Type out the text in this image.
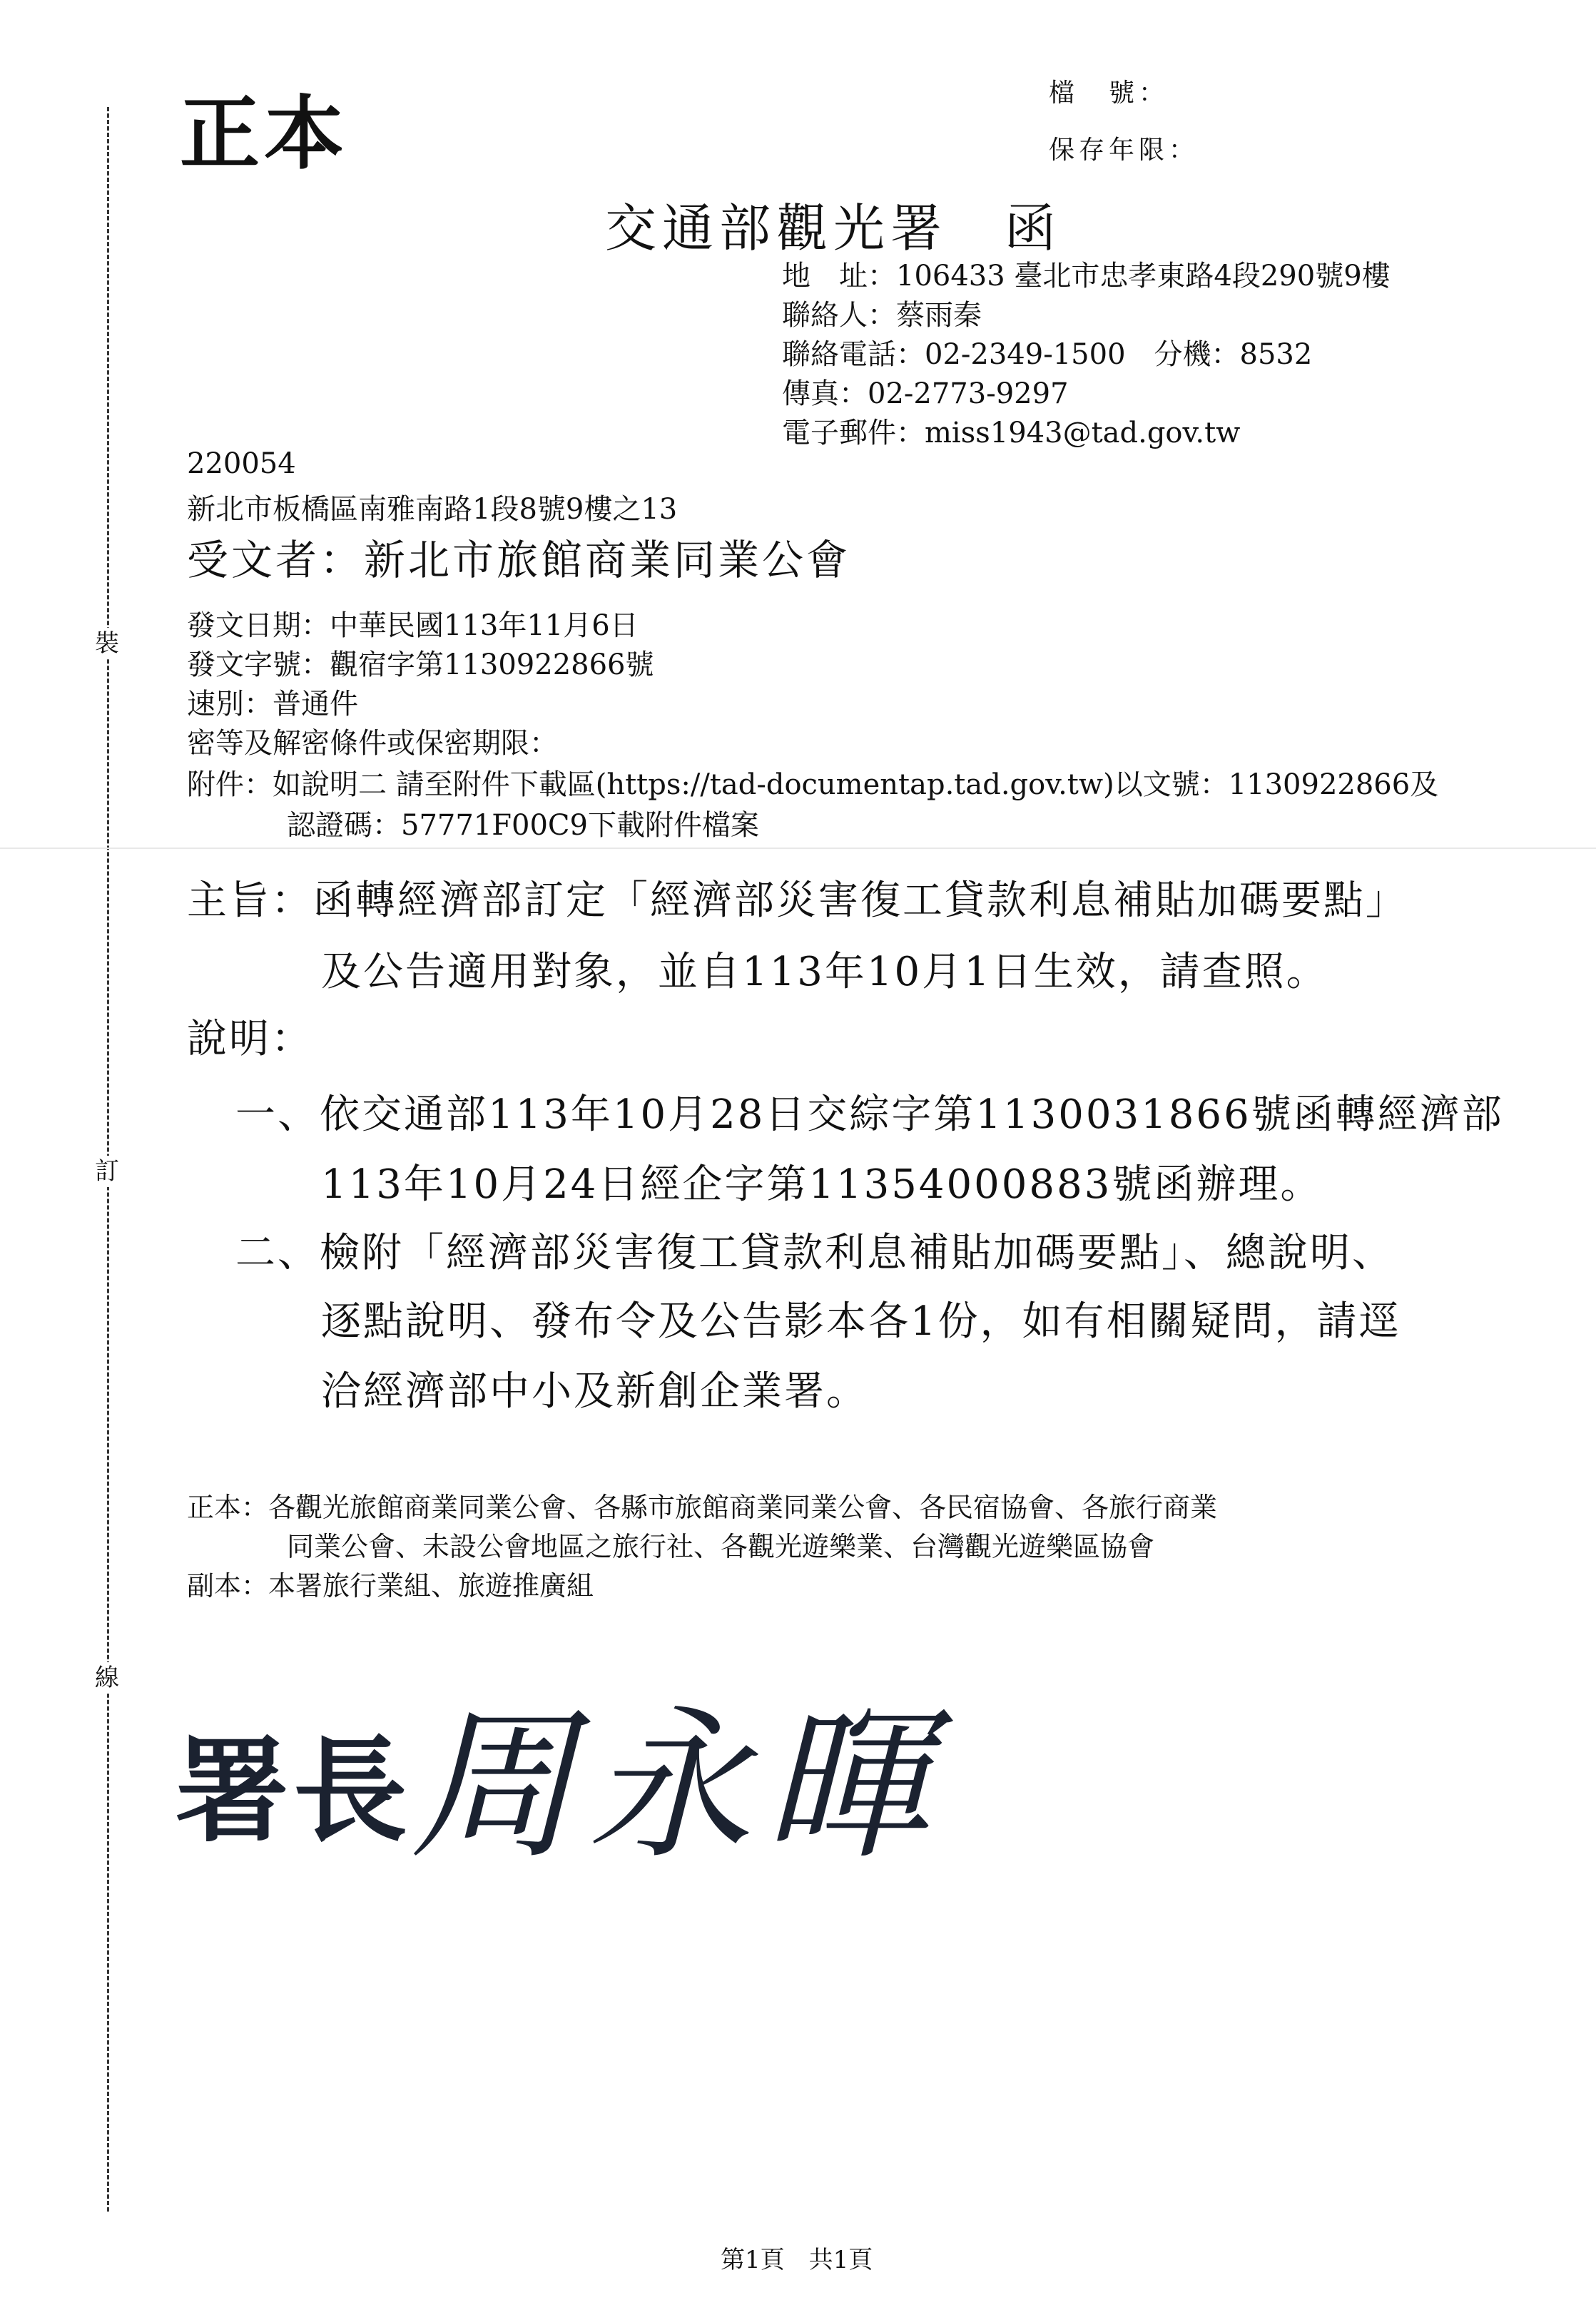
裝
訂
線
正本	檔　號：
保存年限：
交通部觀光署　函
地　址：106433 臺北市忠孝東路4段290號9樓
聯絡人：蔡雨秦
聯絡電話：02-2349-1500　分機：8532
傳真：02-2773-9297
電子郵件：miss1943@tad.gov.tw
220054
新北市板橋區南雅南路1段8號9樓之13
受文者：新北市旅館商業同業公會
發文日期：中華民國113年11月6日
發文字號：觀宿字第1130922866號
速別：普通件
密等及解密條件或保密期限：
附件：如說明二 請至附件下載區(https://tad-documentap.tad.gov.tw)以文號：1130922866及
認證碼：57771F00C9下載附件檔案
主旨：函轉經濟部訂定「經濟部災害復工貸款利息補貼加碼要點」
及公告適用對象，並自113年10月1日生效，請查照。
說明：
一、依交通部113年10月28日交綜字第1130031866號函轉經濟部
113年10月24日經企字第11354000883號函辦理。
二、檢附「經濟部災害復工貸款利息補貼加碼要點」、總說明、
逐點說明、發布令及公告影本各1份，如有相關疑問，請逕
洽經濟部中小及新創企業署。
正本：各觀光旅館商業同業公會、各縣市旅館商業同業公會、各民宿協會、各旅行商業
同業公會、未設公會地區之旅行社、各觀光遊樂業、台灣觀光遊樂區協會
副本：本署旅行業組、旅遊推廣組
署長
周永暉
第1頁　共1頁
